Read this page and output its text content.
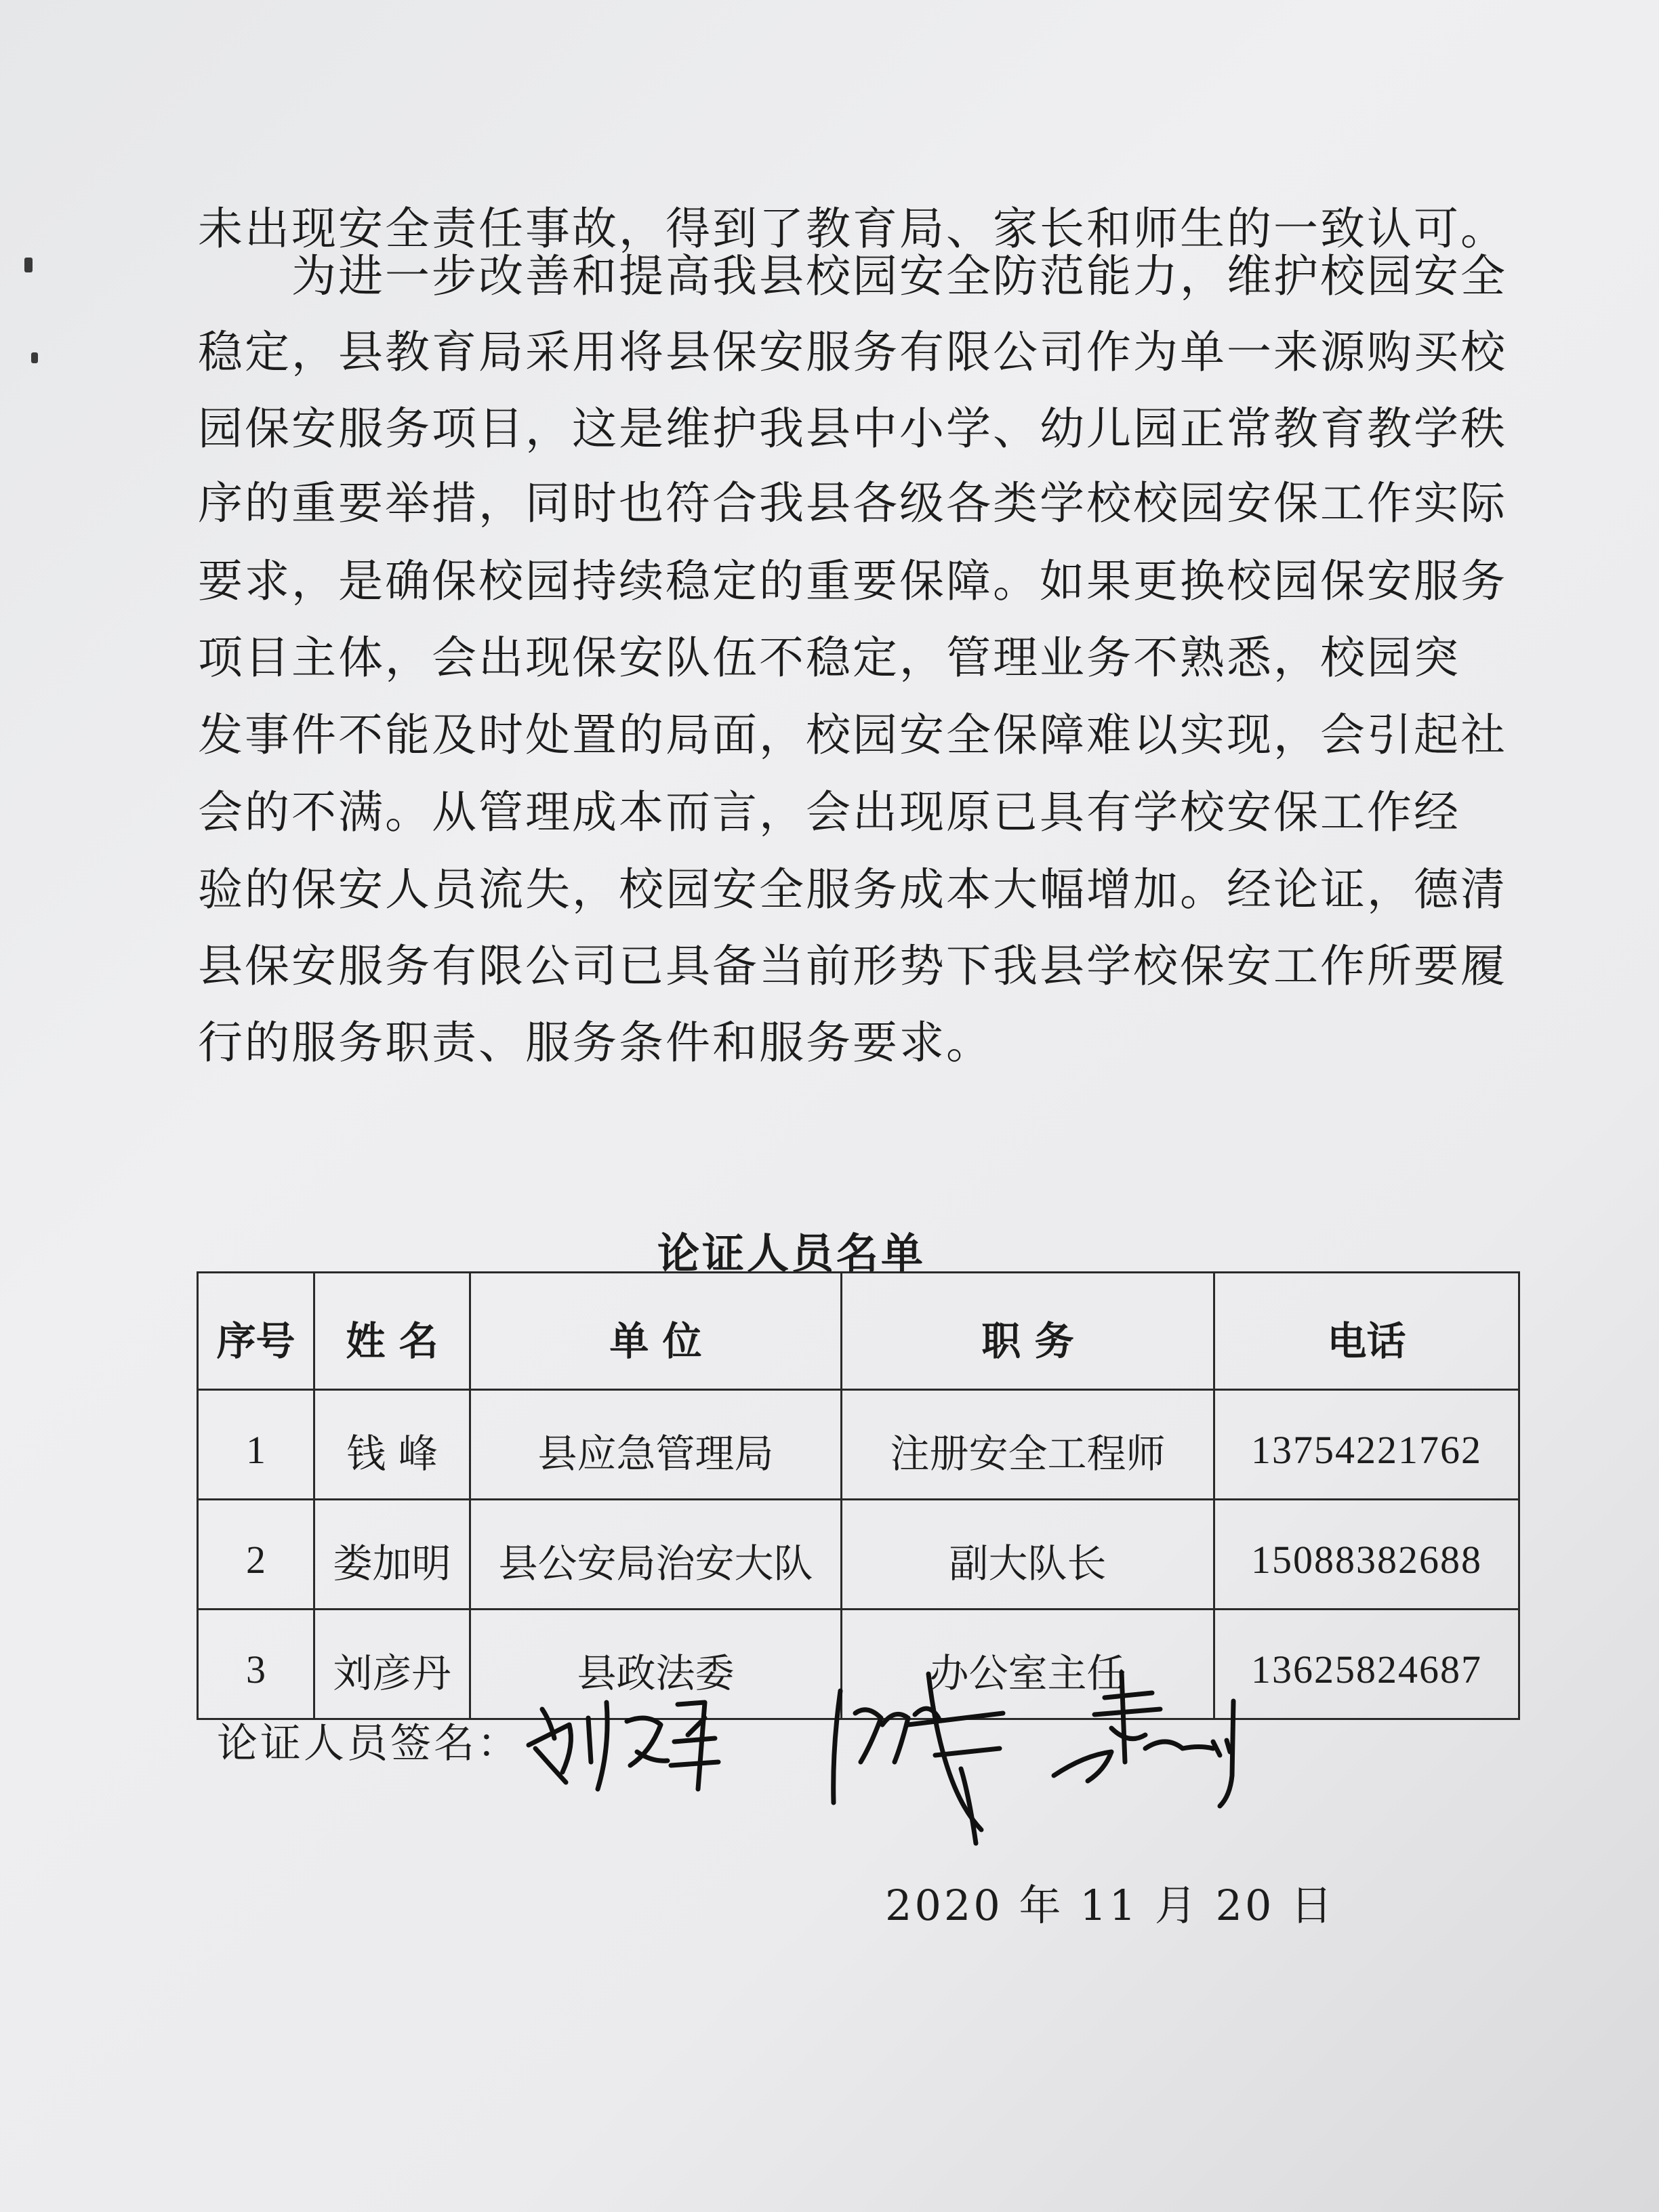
未出现安全责任事故，得到了教育局、家长和师生的一致认可。
　　为进一步改善和提高我县校园安全防范能力，维护校园安全
稳定，县教育局采用将县保安服务有限公司作为单一来源购买校
园保安服务项目，这是维护我县中小学、幼儿园正常教育教学秩
序的重要举措，同时也符合我县各级各类学校校园安保工作实际
要求，是确保校园持续稳定的重要保障。如果更换校园保安服务
项目主体，会出现保安队伍不稳定，管理业务不熟悉，校园突
发事件不能及时处置的局面，校园安全保障难以实现，会引起社
会的不满。从管理成本而言，会出现原已具有学校安保工作经
验的保安人员流失，校园安全服务成本大幅增加。经论证，德清
县保安服务有限公司已具备当前形势下我县学校保安工作所要履
行的服务职责、服务条件和服务要求。
论证人员名单
序号	姓 名	单 位	职 务	电话
1	钱 峰	县应急管理局	注册安全工程师	13754221762
2	娄加明	县公安局治安大队	副大队长	15088382688
3	刘彦丹	县政法委	办公室主任	13625824687
论证人员签名：
2020 年 11 月 20 日
